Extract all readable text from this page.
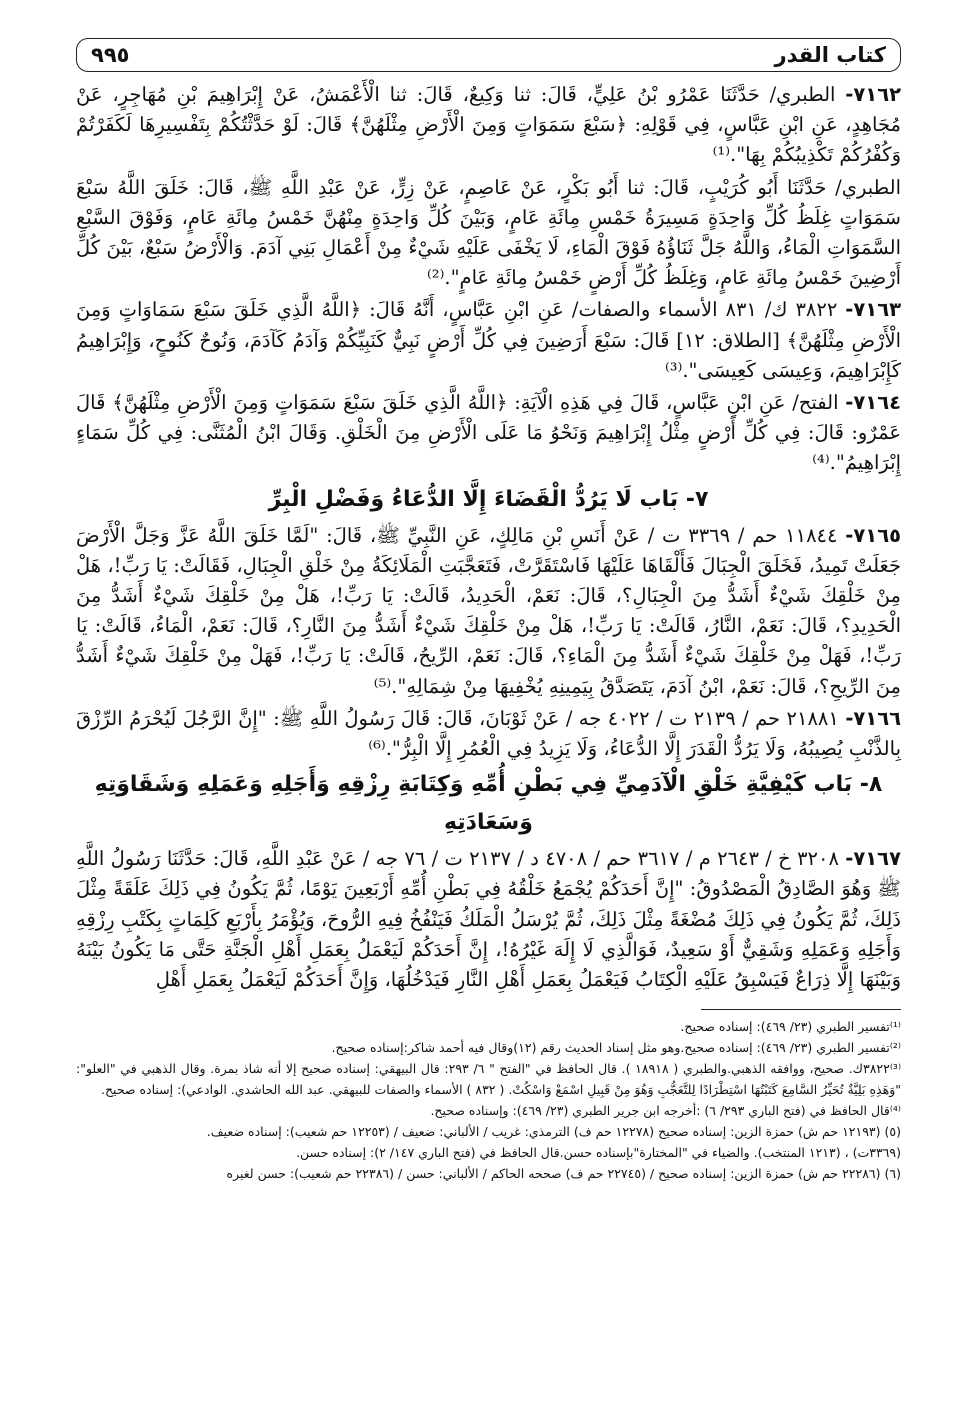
كتاب القدر
٩٩٥

٧١٦٢- الطبري/ حَدَّثَنَا عَمْرُو بْنُ عَلِيٍّ، قَالَ: ثنا وَكِيعٌ، قَالَ: ثنا الْأَعْمَشُ، عَنْ إِبْرَاهِيمَ بْنِ مُهَاجِرٍ، عَنْ مُجَاهِدٍ، عَنِ ابْنِ عَبَّاسٍ، فِي قَوْلِهِ: ﴿سَبْعَ سَمَوَاتٍ وَمِنَ الْأَرْضِ مِثْلَهُنَّ﴾ قَالَ: لَوْ حَدَّثْتُكُمْ بِتَفْسِيرِهَا لَكَفَرْتُمْ وَكُفْرُكُمْ تَكْذِيبُكُمْ بِهَا".⁽¹⁾

الطبري/ حَدَّثَنَا أَبُو كُرَيْبٍ، قَالَ: ثنا أَبُو بَكْرٍ، عَنْ عَاصِمٍ، عَنْ زِرٍّ، عَنْ عَبْدِ اللَّهِ ﷺ، قَالَ: خَلَقَ اللَّهُ سَبْعَ سَمَوَاتٍ غِلَظُ كُلِّ وَاحِدَةٍ مَسِيرَةُ خَمْسِ مِائَةِ عَامٍ، وَبَيْنَ كُلِّ وَاحِدَةٍ مِنْهُنَّ خَمْسُ مِائَةِ عَامٍ، وَفَوْقَ السَّبْعِ السَّمَوَاتِ الْمَاءُ، وَاللَّهُ جَلَّ ثَنَاؤُهُ فَوْقَ الْمَاءِ، لَا يَخْفَى عَلَيْهِ شَيْءٌ مِنْ أَعْمَالِ بَنِي آدَمَ. وَالْأَرْضُ سَبْعٌ، بَيْنَ كُلِّ أَرْضِينَ خَمْسُ مِائَةِ عَامٍ، وَغِلَظُ كُلِّ أَرْضٍ خَمْسُ مِائَةِ عَامٍ".⁽²⁾

٧١٦٣- ٣٨٢٢ ك/ ٨٣١ الأسماء والصفات/ عَنِ ابْنِ عَبَّاسٍ، أَنَّهُ قَالَ: ﴿اللَّهُ الَّذِي خَلَقَ سَبْعَ سَمَاوَاتٍ وَمِنَ الْأَرْضِ مِثْلَهُنَّ﴾ [الطلاق: ١٢] قَالَ: سَبْعَ أَرَضِينَ فِي كُلِّ أَرْضٍ نَبِيٌّ كَنَبِيِّكُمْ وَآدَمُ كَآدَمَ، وَنُوحٌ كَنُوحٍ، وَإِبْرَاهِيمُ كَإِبْرَاهِيمَ، وَعِيسَى كَعِيسَى".⁽³⁾

٧١٦٤- الفتح/ عَنِ ابْنِ عَبَّاسٍ، قَالَ فِي هَذِهِ الْآيَةِ: ﴿اللَّهُ الَّذِي خَلَقَ سَبْعَ سَمَوَاتٍ وَمِنَ الْأَرْضِ مِثْلَهُنَّ﴾ قَالَ عَمْرٌو: قَالَ: فِي كُلِّ أَرْضٍ مِثْلُ إِبْرَاهِيمَ وَنَحْوُ مَا عَلَى الْأَرْضِ مِنَ الْخَلْقِ. وَقَالَ ابْنُ الْمُثَنَّى: فِي كُلِّ سَمَاءٍ إِبْرَاهِيمُ".⁽⁴⁾

٧- بَاب لَا يَرُدُّ الْقَضَاءَ إِلَّا الدُّعَاءُ وَفَضْلِ الْبِرِّ

٧١٦٥- ١١٨٤٤ حم / ٣٣٦٩ ت / عَنْ أَنَسِ بْنِ مَالِكٍ، عَنِ النَّبِيِّ ﷺ، قَالَ: "لَمَّا خَلَقَ اللَّهُ عَزَّ وَجَلَّ الْأَرْضَ جَعَلَتْ تَمِيدُ، فَخَلَقَ الْجِبَالَ فَأَلْقَاهَا عَلَيْهَا فَاسْتَقَرَّتْ، فَتَعَجَّبَتِ الْمَلَائِكَةُ مِنْ خَلْقِ الْجِبَالِ، فَقَالَتْ: يَا رَبِّ!، هَلْ مِنْ خَلْقِكَ شَيْءٌ أَشَدُّ مِنَ الْجِبَالِ؟، قَالَ: نَعَمْ، الْحَدِيدُ، قَالَتْ: يَا رَبِّ!، هَلْ مِنْ خَلْقِكَ شَيْءٌ أَشَدُّ مِنَ الْحَدِيدِ؟، قَالَ: نَعَمْ، النَّارُ، قَالَتْ: يَا رَبِّ!، هَلْ مِنْ خَلْقِكَ شَيْءٌ أَشَدُّ مِنَ النَّارِ؟، قَالَ: نَعَمْ، الْمَاءُ، قَالَتْ: يَا رَبِّ!، فَهَلْ مِنْ خَلْقِكَ شَيْءٌ أَشَدُّ مِنَ الْمَاءِ؟، قَالَ: نَعَمْ، الرِّيحُ، قَالَتْ: يَا رَبِّ!، فَهَلْ مِنْ خَلْقِكَ شَيْءٌ أَشَدُّ مِنَ الرِّيحِ؟، قَالَ: نَعَمْ، ابْنُ آدَمَ، يَتَصَدَّقُ بِيَمِينِهِ يُخْفِيهَا مِنْ شِمَالِهِ".⁽⁵⁾

٧١٦٦- ٢١٨٨١ حم / ٢١٣٩ ت / ٤٠٢٢ جه / عَنْ ثَوْبَانَ، قَالَ: قَالَ رَسُولُ اللَّهِ ﷺ: "إِنَّ الرَّجُلَ لَيُحْرَمُ الرِّزْقَ بِالذَّنْبِ يُصِيبُهُ، وَلَا يَرُدُّ الْقَدَرَ إِلَّا الدُّعَاءُ، وَلَا يَزِيدُ فِي الْعُمُرِ إِلَّا الْبِرُّ".⁽⁶⁾

٨- بَاب كَيْفِيَّةِ خَلْقِ الْآدَمِيِّ فِي بَطْنِ أُمِّهِ وَكِتَابَةِ رِزْقِهِ وَأَجَلِهِ وَعَمَلِهِ وَشَقَاوَتِهِ وَسَعَادَتِهِ

٧١٦٧- ٣٢٠٨ خ / ٢٦٤٣ م / ٣٦١٧ حم / ٤٧٠٨ د / ٢١٣٧ ت / ٧٦ جه / عَنْ عَبْدِ اللَّهِ، قَالَ: حَدَّثَنَا رَسُولُ اللَّهِ ﷺ وَهُوَ الصَّادِقُ الْمَصْدُوقُ: "إِنَّ أَحَدَكُمْ يُجْمَعُ خَلْقُهُ فِي بَطْنِ أُمِّهِ أَرْبَعِينَ يَوْمًا، ثُمَّ يَكُونُ فِي ذَلِكَ عَلَقَةً مِثْلَ ذَلِكَ، ثُمَّ يَكُونُ فِي ذَلِكَ مُضْغَةً مِثْلَ ذَلِكَ، ثُمَّ يُرْسَلُ الْمَلَكُ فَيَنْفُخُ فِيهِ الرُّوحَ، وَيُؤْمَرُ بِأَرْبَعِ كَلِمَاتٍ بِكَتْبِ رِزْقِهِ وَأَجَلِهِ وَعَمَلِهِ وَشَقِيٌّ أَوْ سَعِيدٌ، فَوَالَّذِي لَا إِلَهَ غَيْرُهُ!، إِنَّ أَحَدَكُمْ لَيَعْمَلُ بِعَمَلِ أَهْلِ الْجَنَّةِ حَتَّى مَا يَكُونُ بَيْنَهُ وَبَيْنَهَا إِلَّا ذِرَاعٌ فَيَسْبِقُ عَلَيْهِ الْكِتَابُ فَيَعْمَلُ بِعَمَلِ أَهْلِ النَّارِ فَيَدْخُلُهَا، وَإِنَّ أَحَدَكُمْ لَيَعْمَلُ بِعَمَلِ أَهْلِ

⁽¹⁾تفسير الطبري (٢٣/ ٤٦٩): إسناده صحيح.

⁽²⁾تفسير الطبري (٢٣/ ٤٦٩): إسناده صحيح.وهو مثل إسناد الحديث رقم (١٢)وقال فيه أحمد شاكر:إسناده صحيح.

⁽³⁾٣٨٢٢ك. صحيح، ووافقه الذهبي.والطبري ( ١٨٩١٨ ). قال الحافظ في "الفتح " ٦/ ٢٩٣: قال البيهقي: إسناده صحيح إلا أنه شاذ بمرة. وقال الذهبي في "العلو": "وَهَذِهِ بَلِيَّةٌ تُحَيِّرُ السَّامِعَ كَتَبْتُهَا اسْتِطْرَادًا لِلتَّعَجُّبِ وَهُوَ مِنْ قَبِيلِ اسْمَعْ وَاسْكُتْ. ( ٨٣٢ ) الأسماء والصفات للبيهقي. عبد الله الحاشدي. الوادعي): إسناده صحيح.

⁽⁴⁾قال الحافظ في (فتح الباري ٢٩٣/ ٦) :أخرجه ابن جرير الطبري (٢٣/ ٤٦٩): وإسناده صحيح.

(٥) (١٢١٩٣ حم ش) حمزة الزين: إسناده صحيح (١٢٢٧٨ حم ف) الترمذي: غريب / الألباني: ضعيف / (١٢٢٥٣ حم شعيب): إسناده ضعيف.

(٣٣٦٩ت) ، (١٢١٣ المنتخب). والضياء في "المختارة"بإسناده حسن.قال الحافظ في (فتح الباري ١٤٧/ ٢): إسناده حسن.

(٦) (٢٢٢٨٦ حم ش) حمزة الزين: إسناده صحيح / (٢٢٧٤٥ حم ف) صححه الحاكم / الألباني: حسن / (٢٢٣٨٦ حم شعيب): حسن لغيره
